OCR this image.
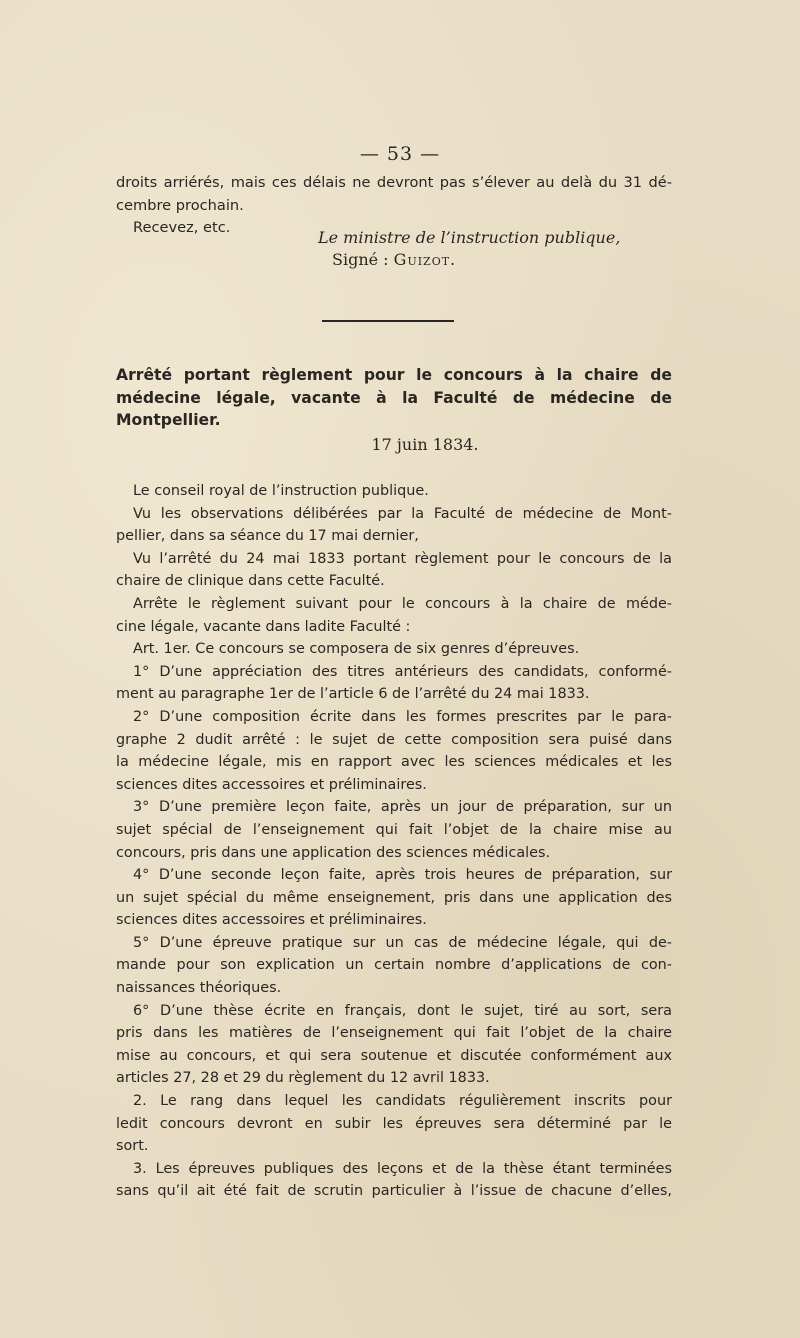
— 53 —
droits arriérés, mais ces délais ne devront pas s’élever au delà du 31 dé-
cembre prochain.
Recevez, etc.
Le ministre de l’instruction publique,
Signé : Guizot.
Arrêté portant règlement pour le concours à la chaire de
médecine légale, vacante à la Faculté de médecine de
Montpellier.
17 juin 1834.
Le conseil royal de l’instruction publique.
Vu les observations délibérées par la Faculté de médecine de Mont-
pellier, dans sa séance du 17 mai dernier,
Vu l’arrêté du 24 mai 1833 portant règlement pour le concours de la
chaire de clinique dans cette Faculté.
Arrête le règlement suivant pour le concours à la chaire de méde-
cine légale, vacante dans ladite Faculté :
Art. 1er. Ce concours se composera de six genres d’épreuves.
1° D’une appréciation des titres antérieurs des candidats, conformé-
ment au paragraphe 1er de l’article 6 de l’arrêté du 24 mai 1833.
2° D’une composition écrite dans les formes prescrites par le para-
graphe 2 dudit arrêté : le sujet de cette composition sera puisé dans
la médecine légale, mis en rapport avec les sciences médicales et les
sciences dites accessoires et préliminaires.
3° D’une première leçon faite, après un jour de préparation, sur un
sujet spécial de l’enseignement qui fait l’objet de la chaire mise au
concours, pris dans une application des sciences médicales.
4° D’une seconde leçon faite, après trois heures de préparation, sur
un sujet spécial du même enseignement, pris dans une application des
sciences dites accessoires et préliminaires.
5° D’une épreuve pratique sur un cas de médecine légale, qui de-
mande pour son explication un certain nombre d’applications de con-
naissances théoriques.
6° D’une thèse écrite en français, dont le sujet, tiré au sort, sera
pris dans les matières de l’enseignement qui fait l’objet de la chaire
mise au concours, et qui sera soutenue et discutée conformément aux
articles 27, 28 et 29 du règlement du 12 avril 1833.
2. Le rang dans lequel les candidats régulièrement inscrits pour
ledit concours devront en subir les épreuves sera déterminé par le
sort.
3. Les épreuves publiques des leçons et de la thèse étant terminées
sans qu’il ait été fait de scrutin particulier à l’issue de chacune d’elles,
